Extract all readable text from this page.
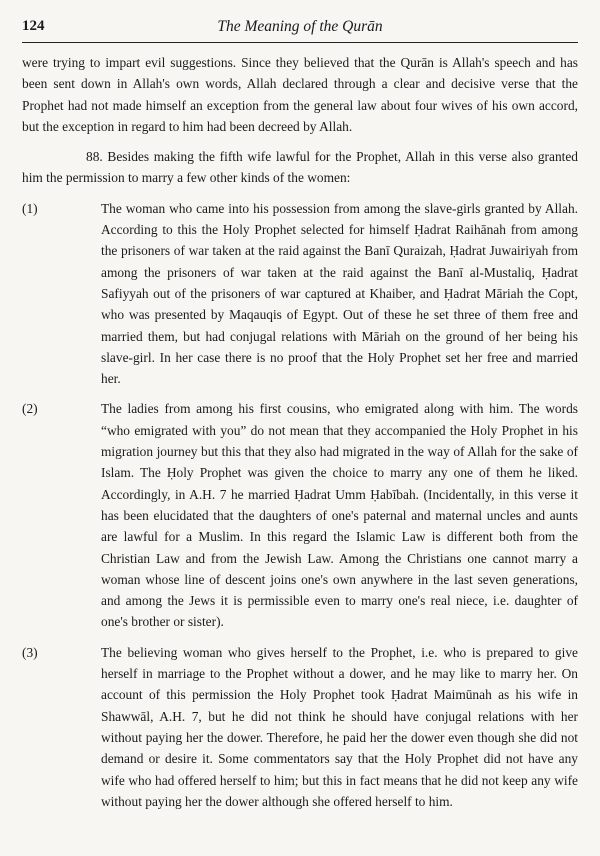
124	The Meaning of the Qurān

were trying to impart evil suggestions. Since they believed that the Qurān is Allah's speech and has been sent down in Allah's own words, Allah declared through a clear and decisive verse that the Prophet had not made himself an exception from the general law about four wives of his own accord, but the exception in regard to him had been decreed by Allah.

88. Besides making the fifth wife lawful for the Prophet, Allah in this verse also granted him the permission to marry a few other kinds of the women:

(1)	The woman who came into his possession from among the slave-girls granted by Allah. According to this the Holy Prophet selected for himself Ḥadrat Raihānah from among the prisoners of war taken at the raid against the Banī Quraizah, Ḥadrat Juwairiyah from among the prisoners of war taken at the raid against the Banī al-Mustaliq, Ḥadrat Safiyyah out of the prisoners of war captured at Khaiber, and Ḥadrat Māriah the Copt, who was presented by Maqauqis of Egypt. Out of these he set three of them free and married them, but had conjugal relations with Māriah on the ground of her being his slave-girl. In her case there is no proof that the Holy Prophet set her free and married her.

(2)	The ladies from among his first cousins, who emigrated along with him. The words “who emigrated with you” do not mean that they accompanied the Holy Prophet in his migration journey but this that they also had migrated in the way of Allah for the sake of Islam. The Ḥoly Prophet was given the choice to marry any one of them he liked. Accordingly, in A.H. 7 he married Ḥadrat Umm Ḥabībah. (Incidentally, in this verse it has been elucidated that the daughters of one's paternal and maternal uncles and aunts are lawful for a Muslim. In this regard the Islamic Law is different both from the Christian Law and from the Jewish Law. Among the Christians one cannot marry a woman whose line of descent joins one's own anywhere in the last seven generations, and among the Jews it is permissible even to marry one's real niece, i.e. daughter of one's brother or sister).

(3)	The believing woman who gives herself to the Prophet, i.e. who is prepared to give herself in marriage to the Prophet without a dower, and he may like to marry her. On account of this permission the Holy Prophet took Ḥadrat Maimūnah as his wife in Shawwāl, A.H. 7, but he did not think he should have conjugal relations with her without paying her the dower. Therefore, he paid her the dower even though she did not demand or desire it. Some commentators say that the Holy Prophet did not have any wife who had offered herself to him; but this in fact means that he did not keep any wife without paying her the dower although she offered herself to him.
